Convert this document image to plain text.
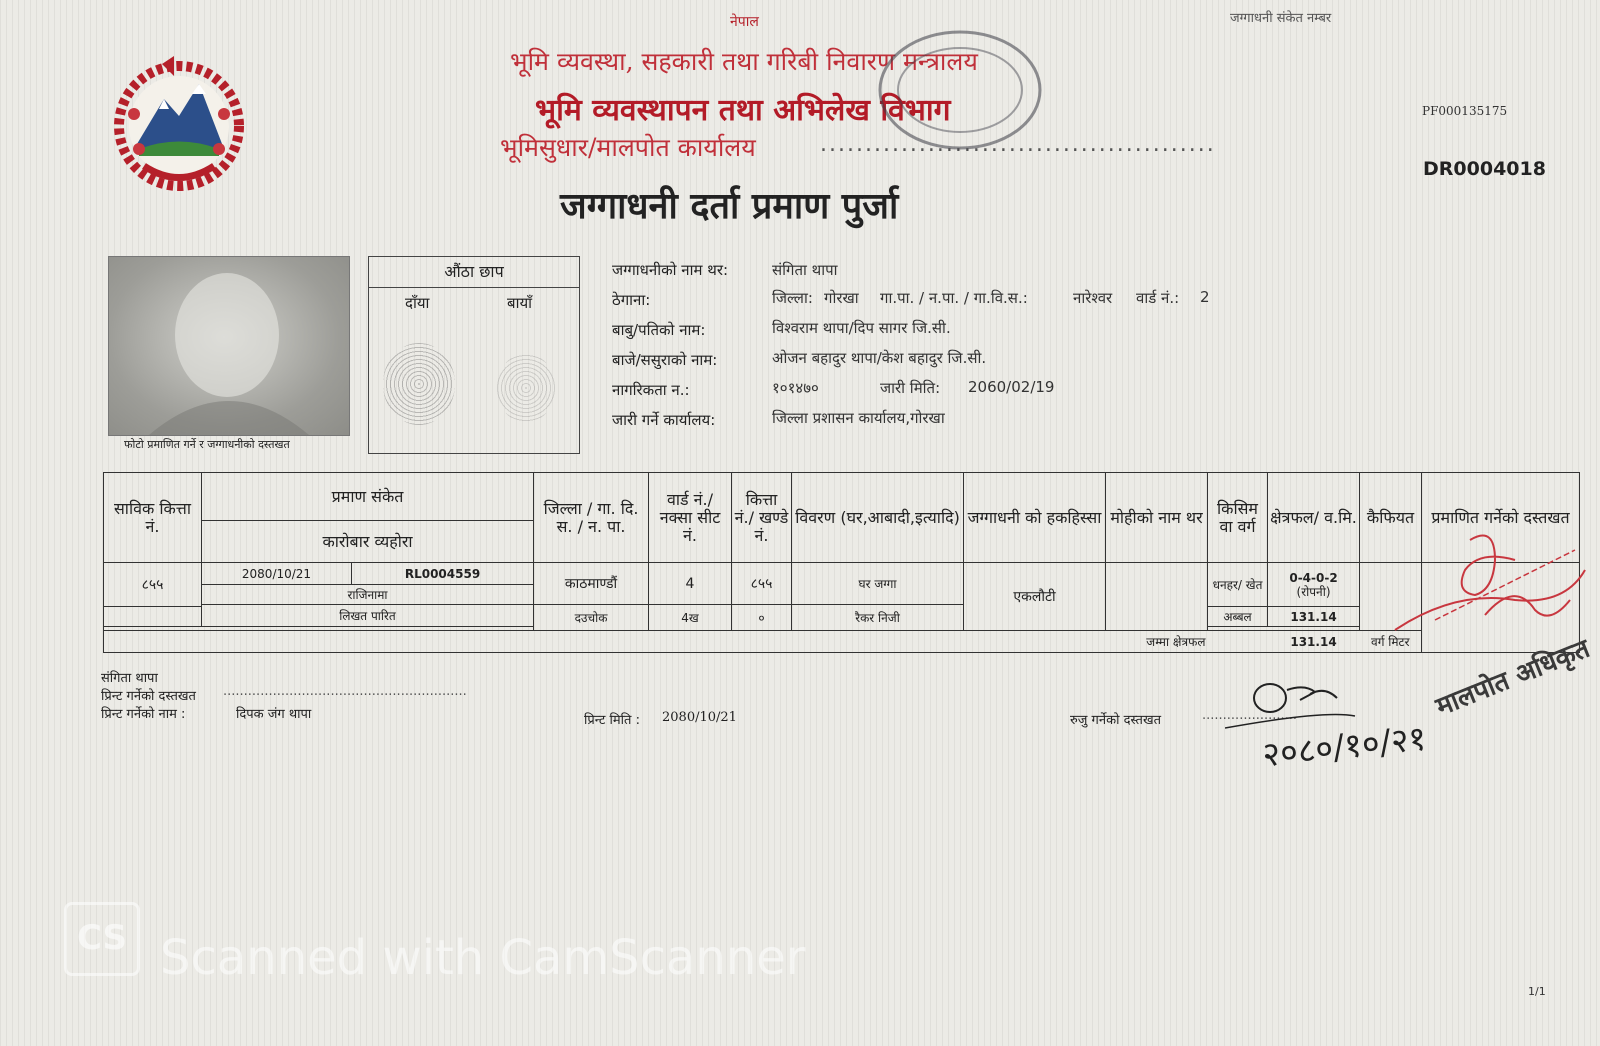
नेपाल	जग्गाधनी संकेत नम्बर
भूमि व्यवस्था, सहकारी तथा गरिबी निवारण मन्त्रालय
भूमि व्यवस्थापन तथा अभिलेख विभाग
भूमिसुधार/मालपोत कार्यालय	............................................
PF000135175
DR0004018
जग्गाधनी दर्ता प्रमाण पुर्जा
फोटो प्रमाणित गर्ने र जग्गाधनीको दस्तखत
औंठा छाप
दाँया	बायाँ
जग्गाधनीको नाम थर:	संगिता थापा
ठेगाना:	जिल्ला: गोरखा गा.पा. / न.पा. / गा.वि.स.:	नारेश्वर वार्ड नं.: 2
बाबु/पतिको नाम:	विश्वराम थापा/दिप सागर जि.सी.
बाजे/ससुराको नाम:	ओजन बहादुर थापा/केश बहादुर जि.सी.
नागरिकता न.:	१०१४७०	जारी मिति: 2060/02/19
जारी गर्ने कार्यालय:	जिल्ला प्रशासन कार्यालय,गोरखा
साविक कित्ता नं.	प्रमाण संकेत		जिल्ला / गा. दि. स. / न. पा.	वार्ड नं./ नक्सा सीट नं.	कित्ता नं./ खण्डे नं.	विवरण (घर,आबादी,इत्यादि)	जग्गाधनी को हकहिस्सा	मोहीको नाम थर	किसिम वा वर्ग	क्षेत्रफल/ व.मि.	कैफियत	प्रमाणित गर्नेको दस्तखत
	कारोबार व्यहोरा											
८५५	2080/10/21	RL0004559	काठमाण्डौं	4	८५५	घर जग्गा	एकलौटी		धनहर/ खेत	0-4-0-2
(रोपनी)		
	राजिनामा											
	लिखत पारित		दउचोक	4ख	०	रैकर निजी						
									अब्बल	131.14		

जम्मा क्षेत्रफल										131.14	वर्ग मिटर	मालपोत अधिकृत
संगिता थापा
प्रिन्ट गर्नेको दस्तखत ...........................................................
प्रिन्ट गर्नेको नाम :	दिपक जंग थापा	प्रिन्ट मिति : 2080/10/21	रुजु गर्नेको दस्तखत	.......................
२०८०/१०/२१
CS Scanned with CamScanner
1/1
